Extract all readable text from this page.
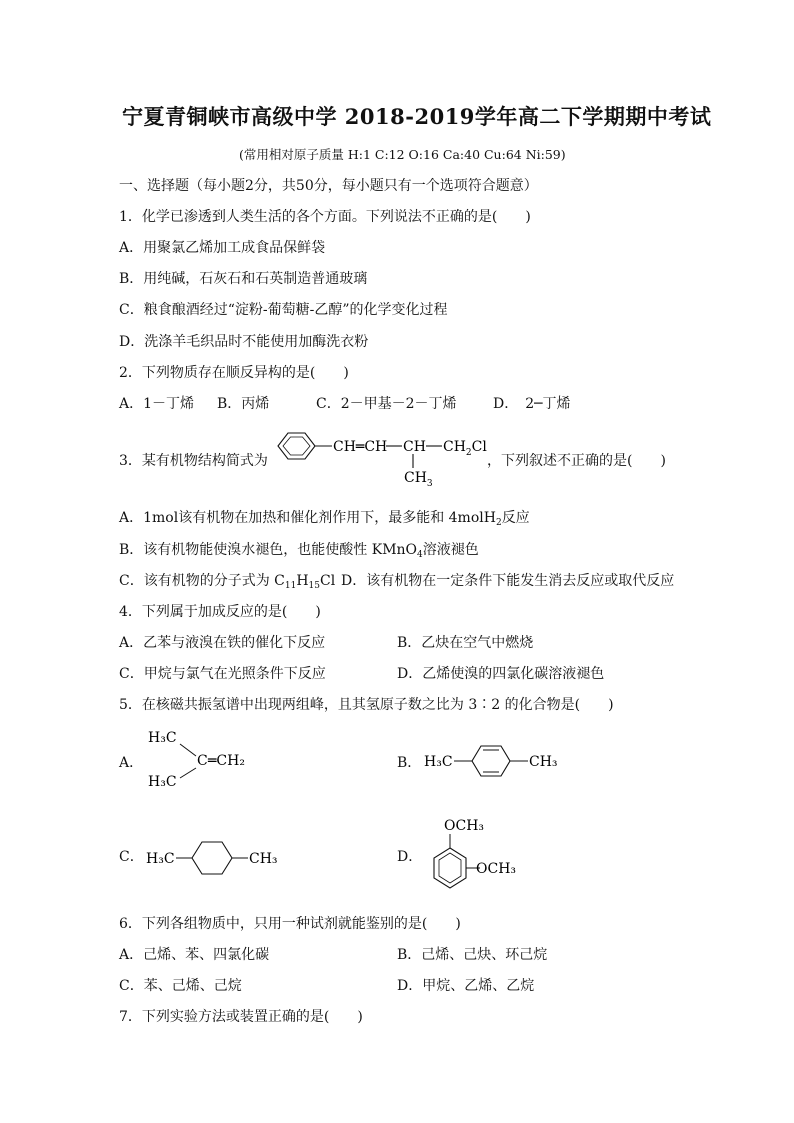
宁夏青铜峡市高级中学 2018-2019学年高二下学期期中考试
(常用相对原子质量 H:1 C:12 O:16 Ca:40 Cu:64 Ni:59)
一、选择题（每小题2分，共50分，每小题只有一个选项符合题意）
1．化学已渗透到人类生活的各个方面。下列说法不正确的是(　　)
A．用聚氯乙烯加工成食品保鲜袋
B．用纯碱，石灰石和石英制造普通玻璃
C．粮食酿酒经过“淀粉-葡萄糖-乙醇”的化学变化过程
D．洗涤羊毛织品时不能使用加酶洗衣粉
2．下列物质存在顺反异构的是(　　)
A．1－丁烯 B．丙烯	C．2－甲基－2－丁烯	D．　2─丁烯
3．某有机物结构简式为
CH═CH CH $CH_2Cl$
$CH_3$
，下列叙述不正确的是(　　)
A．1mol该有机物在加热和催化剂作用下，最多能和 4molH$_2$反应
B．该有机物能使溴水褪色，也能使酸性 KMnO$_4$溶液褪色
C．该有机物的分子式为 $C_{11}H_{15}Cl$ D．该有机物在一定条件下能发生消去反应或取代反应
4．下列属于加成反应的是(　　)
A．乙苯与液溴在铁的催化下反应	B．乙炔在空气中燃烧
C．甲烷与氯气在光照条件下反应	D．乙烯使溴的四氯化碳溶液褪色
5．在核磁共振氢谱中出现两组峰，且其氢原子数之比为 3∶2 的化合物是(　　)
A．
H₃C
C ═CH₂
H₃C
B． H₃C	CH₃
C． H₃C	CH₃	D．
OCH₃
OCH₃
6．下列各组物质中，只用一种试剂就能鉴别的是(　　)
A．己烯、苯、四氯化碳	B．己烯、己炔、环己烷
C．苯、己烯、己烷	D．甲烷、乙烯、乙烷
7．下列实验方法或装置正确的是(　　)
